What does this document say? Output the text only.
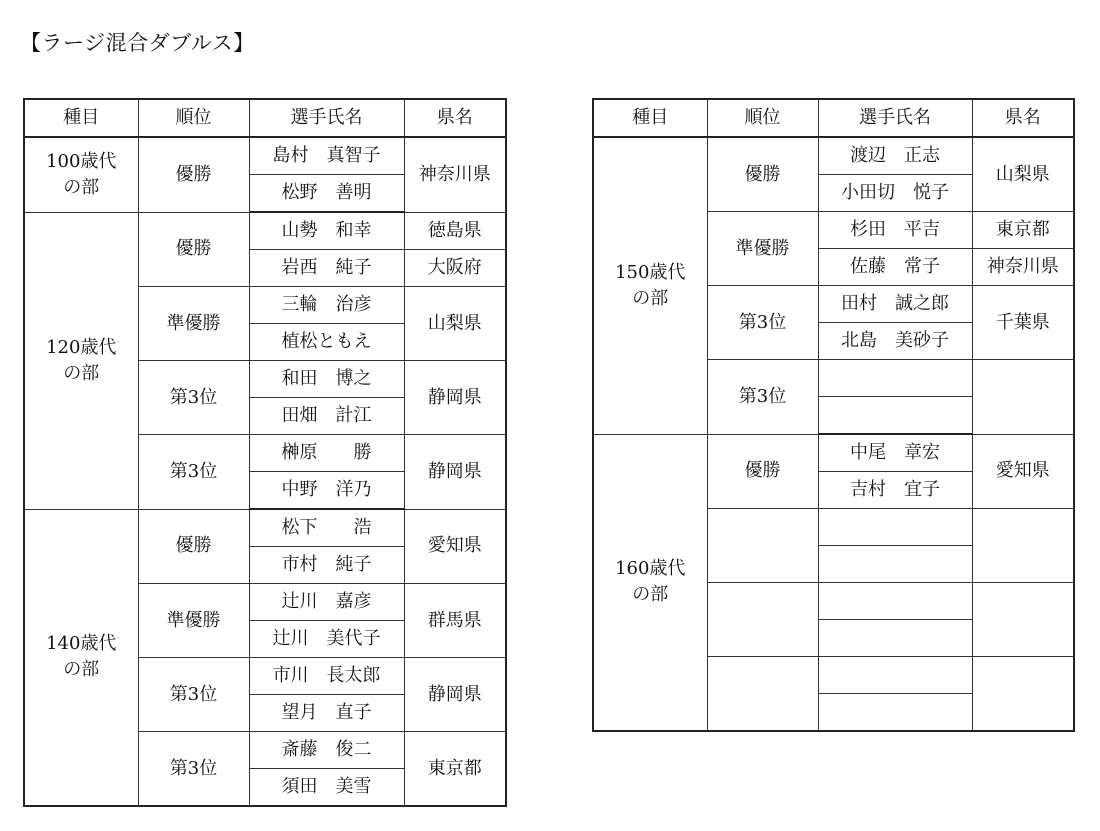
【ラージ混合ダブルス】
種目	順位	選手氏名	県名
100歳代
の部	優勝	島村　真智子	神奈川県
		松野　善明	
120歳代
の部	優勝	山勢　和幸	徳島県
		岩西　純子	大阪府
	準優勝	三輪　治彦	山梨県
		植松ともえ	
	第3位	和田　博之	静岡県
		田畑　計江	
	第3位	榊原　　勝	静岡県
		中野　洋乃	
140歳代
の部	優勝	松下　　浩	愛知県
		市村　純子	
	準優勝	辻川　嘉彦	群馬県
		辻川　美代子	
	第3位	市川　長太郎	静岡県
		望月　直子	
	第3位	斎藤　俊二	東京都
		須田　美雪	
種目	順位	選手氏名	県名
150歳代
の部	優勝	渡辺　正志	山梨県
		小田切　悦子	
	準優勝	杉田　平吉	東京都
		佐藤　常子	神奈川県
	第3位	田村　誠之郎	千葉県
		北島　美砂子	
	第3位		

160歳代
の部	優勝	中尾　章宏	愛知県
		吉村　宜子	
